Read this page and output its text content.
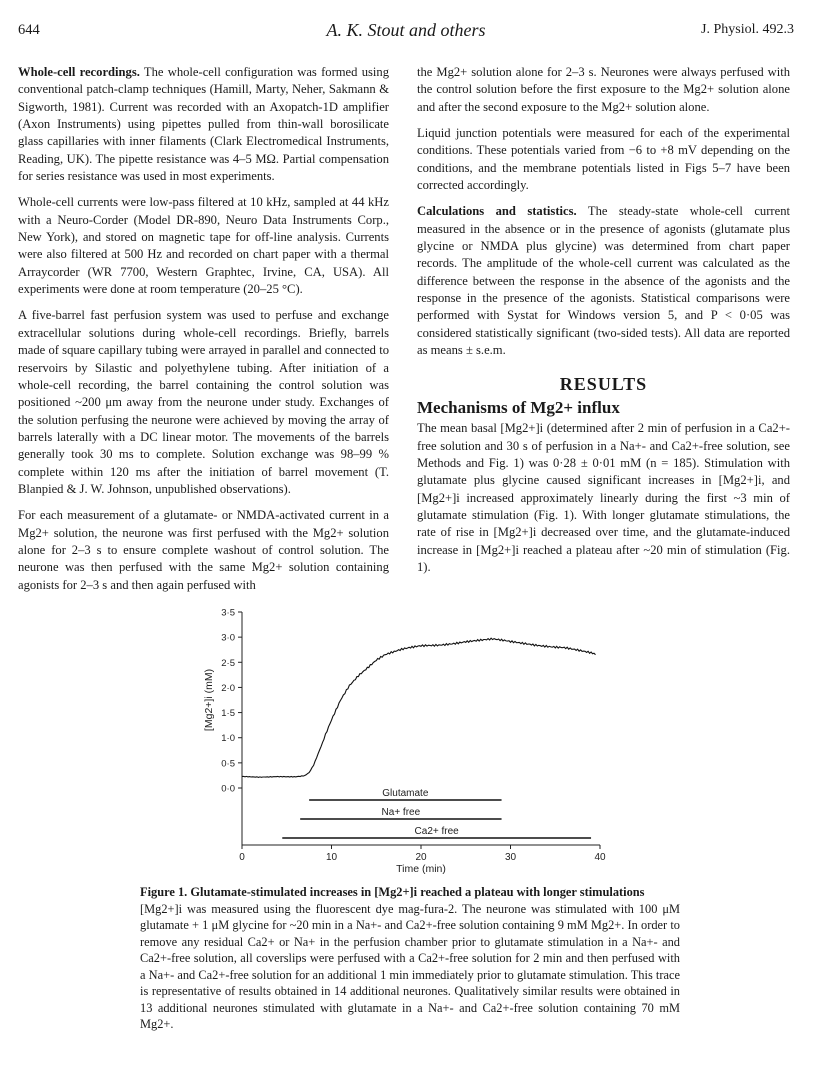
644	A. K. Stout and others	J. Physiol. 492.3

Whole-cell recordings. The whole-cell configuration was formed using conventional patch-clamp techniques (Hamill, Marty, Neher, Sakmann & Sigworth, 1981). Current was recorded with an Axopatch-1D amplifier (Axon Instruments) using pipettes pulled from thin-wall borosilicate glass capillaries with inner filaments (Clark Electromedical Instruments, Reading, UK). The pipette resistance was 4–5 MΩ. Partial compensation for series resistance was used in most experiments.

Whole-cell currents were low-pass filtered at 10 kHz, sampled at 44 kHz with a Neuro-Corder (Model DR-890, Neuro Data Instruments Corp., New York), and stored on magnetic tape for off-line analysis. Currents were also filtered at 500 Hz and recorded on chart paper with a thermal Arraycorder (WR 7700, Western Graphtec, Irvine, CA, USA). All experiments were done at room temperature (20–25 °C).

A five-barrel fast perfusion system was used to perfuse and exchange extracellular solutions during whole-cell recordings. Briefly, barrels made of square capillary tubing were arrayed in parallel and connected to reservoirs by Silastic and polyethylene tubing. After initiation of a whole-cell recording, the barrel containing the control solution was positioned ~200 μm away from the neurone under study. Exchanges of the solution perfusing the neurone were achieved by moving the array of barrels laterally with a DC linear motor. The movements of the barrels generally took 30 ms to complete. Solution exchange was 98–99 % complete within 120 ms after the initiation of barrel movement (T. Blanpied & J. W. Johnson, unpublished observations).

For each measurement of a glutamate- or NMDA-activated current in a Mg2+ solution, the neurone was first perfused with the Mg2+ solution alone for 2–3 s to ensure complete washout of control solution. The neurone was then perfused with the same Mg2+ solution containing agonists for 2–3 s and then again perfused with

the Mg2+ solution alone for 2–3 s. Neurones were always perfused with the control solution before the first exposure to the Mg2+ solution alone and after the second exposure to the Mg2+ solution alone.

Liquid junction potentials were measured for each of the experimental conditions. These potentials varied from −6 to +8 mV depending on the conditions, and the membrane potentials listed in Figs 5–7 have been corrected accordingly.

Calculations and statistics. The steady-state whole-cell current measured in the absence or in the presence of agonists (glutamate plus glycine or NMDA plus glycine) was determined from chart paper records. The amplitude of the whole-cell current was calculated as the difference between the response in the absence of the agonists and the response in the presence of the agonists. Statistical comparisons were performed with Systat for Windows version 5, and P < 0·05 was considered statistically significant (two-sided tests). All data are reported as means ± s.e.m.

RESULTS
Mechanisms of Mg2+ influx

The mean basal [Mg2+]i (determined after 2 min of perfusion in a Ca2+-free solution and 30 s of perfusion in a Na+- and Ca2+-free solution, see Methods and Fig. 1) was 0·28 ± 0·01 mM (n = 185). Stimulation with glutamate plus glycine caused significant increases in [Mg2+]i, and [Mg2+]i increased approximately linearly during the first ~3 min of glutamate stimulation (Fig. 1). With longer glutamate stimulations, the rate of rise in [Mg2+]i decreased over time, and the glutamate-induced increase in [Mg2+]i reached a plateau after ~20 min of stimulation (Fig. 1).

0·0
0·5
1·0
1·5
2·0
2·5
3·0
3·5
0	10	20	30	40
Time (min)
[Mg2+]i (mM)
Glutamate
Na+ free
Ca2+ free
Figure 1. Glutamate-stimulated increases in [Mg2+]i reached a plateau with longer stimulations
[Mg2+]i was measured using the fluorescent dye mag-fura-2. The neurone was stimulated with 100 μM glutamate + 1 μM glycine for ~20 min in a Na+- and Ca2+-free solution containing 9 mM Mg2+. In order to remove any residual Ca2+ or Na+ in the perfusion chamber prior to glutamate stimulation in a Na+- and Ca2+-free solution, all coverslips were perfused with a Ca2+-free solution for 2 min and then perfused with a Na+- and Ca2+-free solution for an additional 1 min immediately prior to glutamate stimulation. This trace is representative of results obtained in 14 additional neurones. Qualitatively similar results were obtained in 13 additional neurones stimulated with glutamate in a Na+- and Ca2+-free solution containing 70 mM Mg2+.
